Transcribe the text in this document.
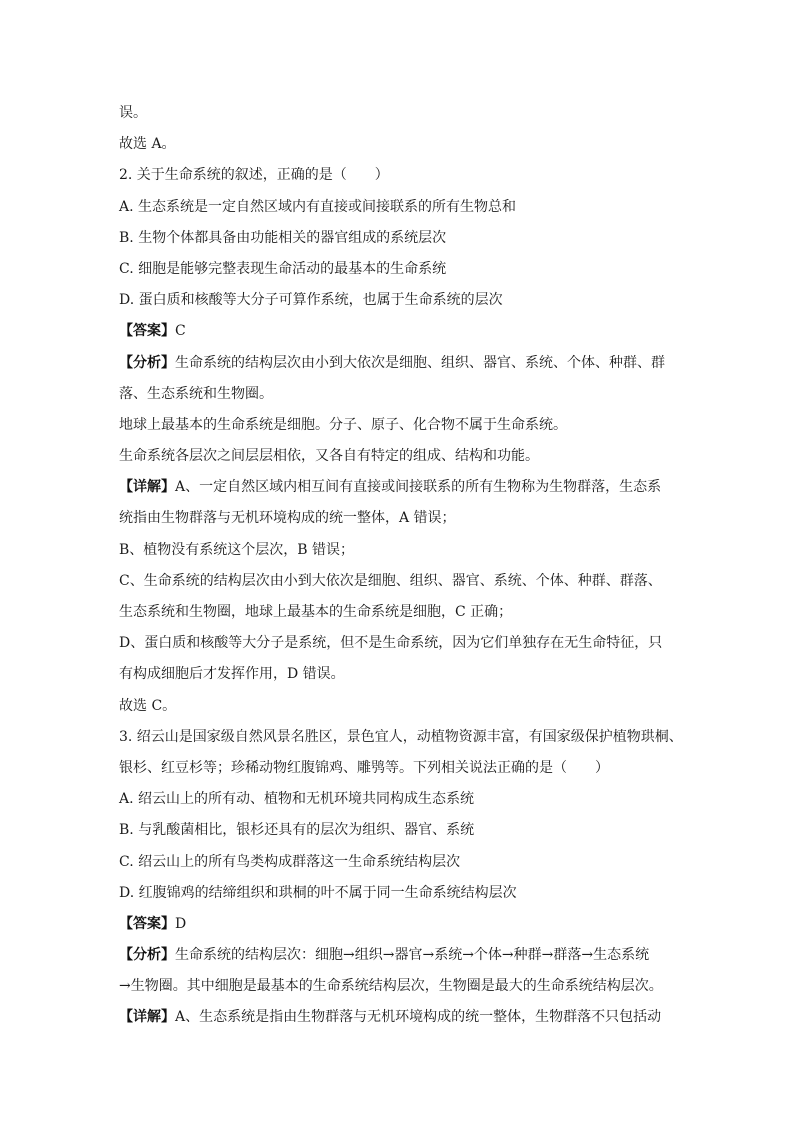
误。
故选 A。
2. 关于生命系统的叙述，正确的是（　　）
A. 生态系统是一定自然区域内有直接或间接联系的所有生物总和
B. 生物个体都具备由功能相关的器官组成的系统层次
C. 细胞是能够完整表现生命活动的最基本的生命系统
D. 蛋白质和核酸等大分子可算作系统，也属于生命系统的层次
【答案】C
【分析】生命系统的结构层次由小到大依次是细胞、组织、器官、系统、个体、种群、群
落、生态系统和生物圈。
地球上最基本的生命系统是细胞。分子、原子、化合物不属于生命系统。
生命系统各层次之间层层相依，又各自有特定的组成、结构和功能。
【详解】A、一定自然区域内相互间有直接或间接联系的所有生物称为生物群落，生态系
统指由生物群落与无机环境构成的统一整体，A 错误；
B、植物没有系统这个层次，B 错误；
C、生命系统的结构层次由小到大依次是细胞、组织、器官、系统、个体、种群、群落、
生态系统和生物圈，地球上最基本的生命系统是细胞，C 正确；
D、蛋白质和核酸等大分子是系统，但不是生命系统，因为它们单独存在无生命特征，只
有构成细胞后才发挥作用，D 错误。
故选 C。
3. 绍云山是国家级自然风景名胜区，景色宜人，动植物资源丰富，有国家级保护植物珙桐、
银杉、红豆杉等；珍稀动物红腹锦鸡、雕鸮等。下列相关说法正确的是（　　）
A. 绍云山上的所有动、植物和无机环境共同构成生态系统
B. 与乳酸菌相比，银杉还具有的层次为组织、器官、系统
C. 绍云山上的所有鸟类构成群落这一生命系统结构层次
D. 红腹锦鸡的结缔组织和珙桐的叶不属于同一生命系统结构层次
【答案】D
【分析】生命系统的结构层次：细胞→组织→器官→系统→个体→种群→群落→生态系统
→生物圈。其中细胞是最基本的生命系统结构层次，生物圈是最大的生命系统结构层次。
【详解】A、生态系统是指由生物群落与无机环境构成的统一整体，生物群落不只包括动
